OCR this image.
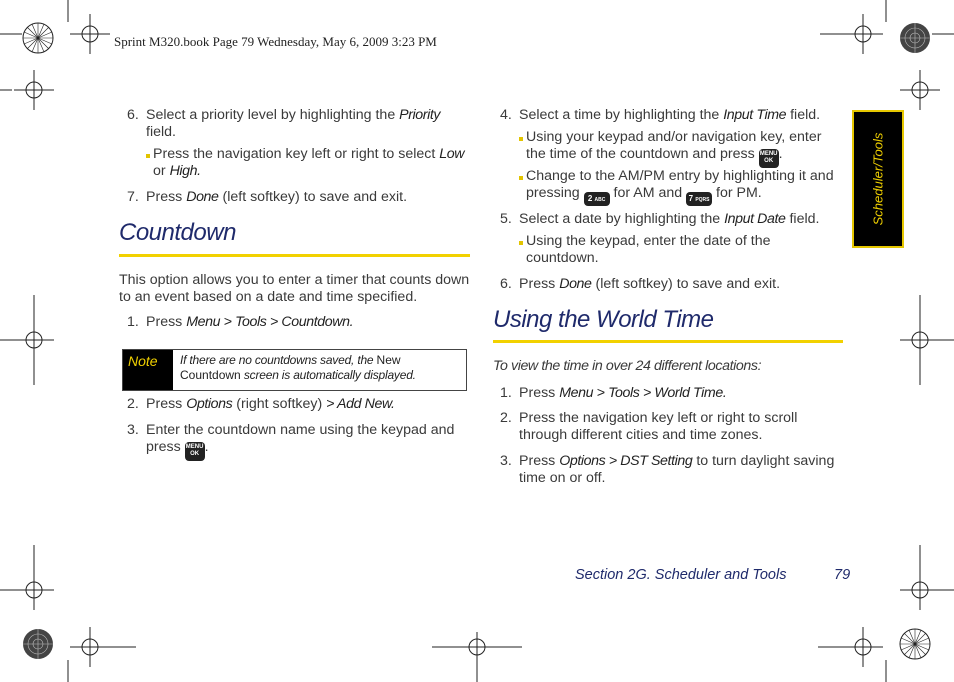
Sprint M320.book Page 79 Wednesday, May 6, 2009 3:23 PM
Scheduler/Tools
6. Select a priority level by highlighting the Priority
field.
Press the navigation key left or right to select Low
or High.
7. Press Done (left softkey) to save and exit.
Countdown
This option allows you to enter a timer that counts down to an event based on a date and time specified.
1. Press Menu > Tools > Countdown.
Note If there are no countdowns saved, the New Countdown screen is automatically displayed.
2. Press Options (right softkey) > Add New.
3. Enter the countdown name using the keypad and press MENU
OK .
4. Select a time by highlighting the Input Time field.
Using your keypad and/or navigation key, enter the time of the countdown and press MENU
OK .
Change to the AM/PM entry by highlighting it and pressing 2 ABC for AM and 7 PQRS for PM.
5. Select a date by highlighting the Input Date field.
Using the keypad, enter the date of the countdown.
6. Press Done (left softkey) to save and exit.
Using the World Time
To view the time in over 24 different locations:
1. Press Menu > Tools > World Time.
2. Press the navigation key left or right to scroll through different cities and time zones.
3. Press Options > DST Setting to turn daylight saving time on or off.
Section 2G. Scheduler and Tools	79
